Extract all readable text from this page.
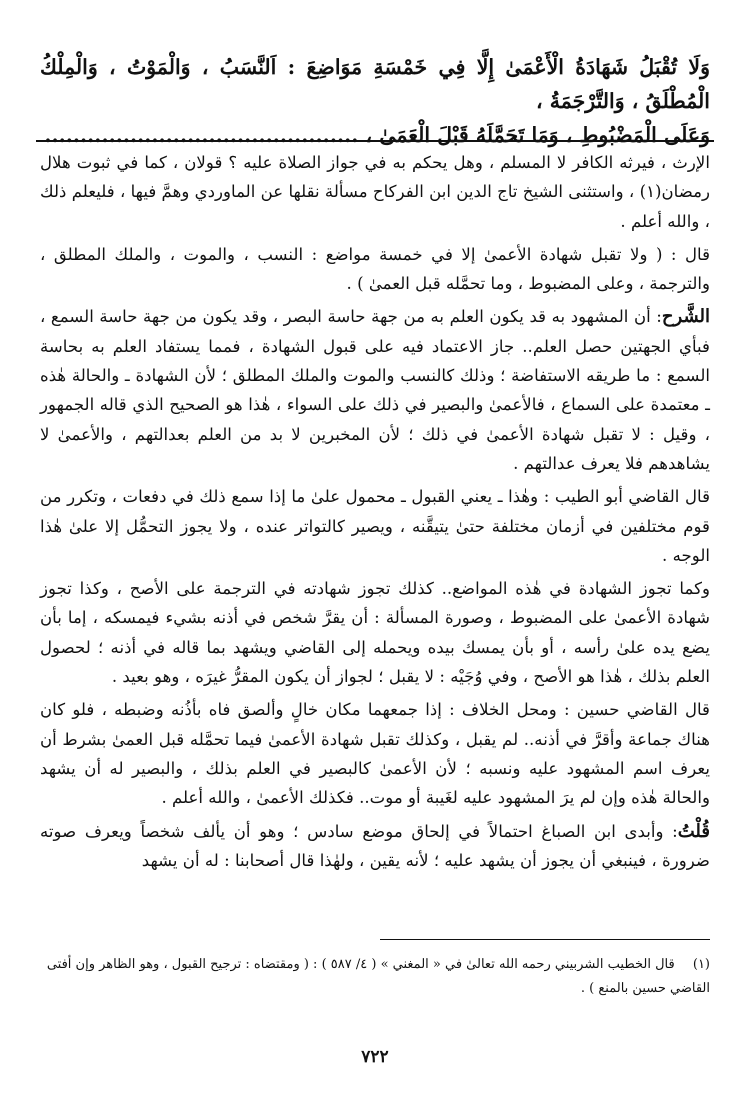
وَلَا تُقْبَلُ شَهَادَةُ الْأَعْمَىٰ إِلَّا فِي خَمْسَةِ مَوَاضِعَ : اَلنَّسَبُ ، وَالْمَوْتُ ، وَالْمِلْكُ الْمُطْلَقُ ، وَالتَّرْجَمَةُ ،

وَعَلَى الْمَضْبُوطِ ، وَمَا تَحَمَّلَهُ قَبْلَ الْعَمَىٰ ، ............................................

الإرث ، فيرثه الكافر لا المسلم ، وهل يحكم به في جواز الصلاة عليه ؟ قولان ، كما في ثبوت هلال رمضان(١) ، واستثنى الشيخ تاج الدين ابن الفركاح مسألة نقلها عن الماوردي وهمَّ فيها ، فليعلم ذلك ، والله أعلم .

قال : ( ولا تقبل شهادة الأعمىٰ إلا في خمسة مواضع : النسب ، والموت ، والملك المطلق ، والترجمة ، وعلى المضبوط ، وما تحمَّله قبل العمىٰ ) .

الشَّرح: أن المشهود به قد يكون العلم به من جهة حاسة البصر ، وقد يكون من جهة حاسة السمع ، فبأي الجهتين حصل العلم.. جاز الاعتماد فيه على قبول الشهادة ، فمما يستفاد العلم به بحاسة السمع : ما طريقه الاستفاضة ؛ وذلك كالنسب والموت والملك المطلق ؛ لأن الشهادة ـ والحالة هٰذه ـ معتمدة على السماع ، فالأعمىٰ والبصير في ذلك على السواء ، هٰذا هو الصحيح الذي قاله الجمهور ، وقيل : لا تقبل شهادة الأعمىٰ في ذلك ؛ لأن المخبرين لا بد من العلم بعدالتهم ، والأعمىٰ لا يشاهدهم فلا يعرف عدالتهم .

قال القاضي أبو الطيب : وهٰذا ـ يعني القبول ـ محمول علىٰ ما إذا سمع ذلك في دفعات ، وتكرر من قوم مختلفين في أزمان مختلفة حتىٰ يتيقَّنه ، ويصير كالتواتر عنده ، ولا يجوز التحمُّل إلا علىٰ هٰذا الوجه .

وكما تجوز الشهادة في هٰذه المواضع.. كذلك تجوز شهادته في الترجمة على الأصح ، وكذا تجوز شهادة الأعمىٰ على المضبوط ، وصورة المسألة : أن يقرَّ شخص في أذنه بشيء فيمسكه ، إما بأن يضع يده علىٰ رأسه ، أو بأن يمسك بيده ويحمله إلى القاضي ويشهد بما قاله في أذنه ؛ لحصول العلم بذلك ، هٰذا هو الأصح ، وفي وُجَيْه : لا يقبل ؛ لجواز أن يكون المقرُّ غيرَه ، وهو بعيد .

قال القاضي حسين : ومحل الخلاف : إذا جمعهما مكان خالٍ وألصق فاه بأذُنه وضبطه ، فلو كان هناك جماعة وأقرَّ في أذنه.. لم يقبل ، وكذلك تقبل شهادة الأعمىٰ فيما تحمَّله قبل العمىٰ بشرط أن يعرف اسم المشهود عليه ونسبه ؛ لأن الأعمىٰ كالبصير في العلم بذلك ، والبصير له أن يشهد والحالة هٰذه وإن لم يرَ المشهود عليه لغَيبة أو موت.. فكذلك الأعمىٰ ، والله أعلم .

قُلْتُ: وأبدى ابن الصباغ احتمالاً في إلحاق موضع سادس ؛ وهو أن يألف شخصاً ويعرف صوته ضرورة ، فينبغي أن يجوز أن يشهد عليه ؛ لأنه يقين ، ولهٰذا قال أصحابنا : له أن يشهد

(١) قال الخطيب الشربيني رحمه الله تعالىٰ في « المغني » ( ٤/ ٥٨٧ ) : ( ومقتضاه : ترجيح القبول ، وهو الظاهر وإن أفتى القاضي حسين بالمنع ) .
٧٢٢
